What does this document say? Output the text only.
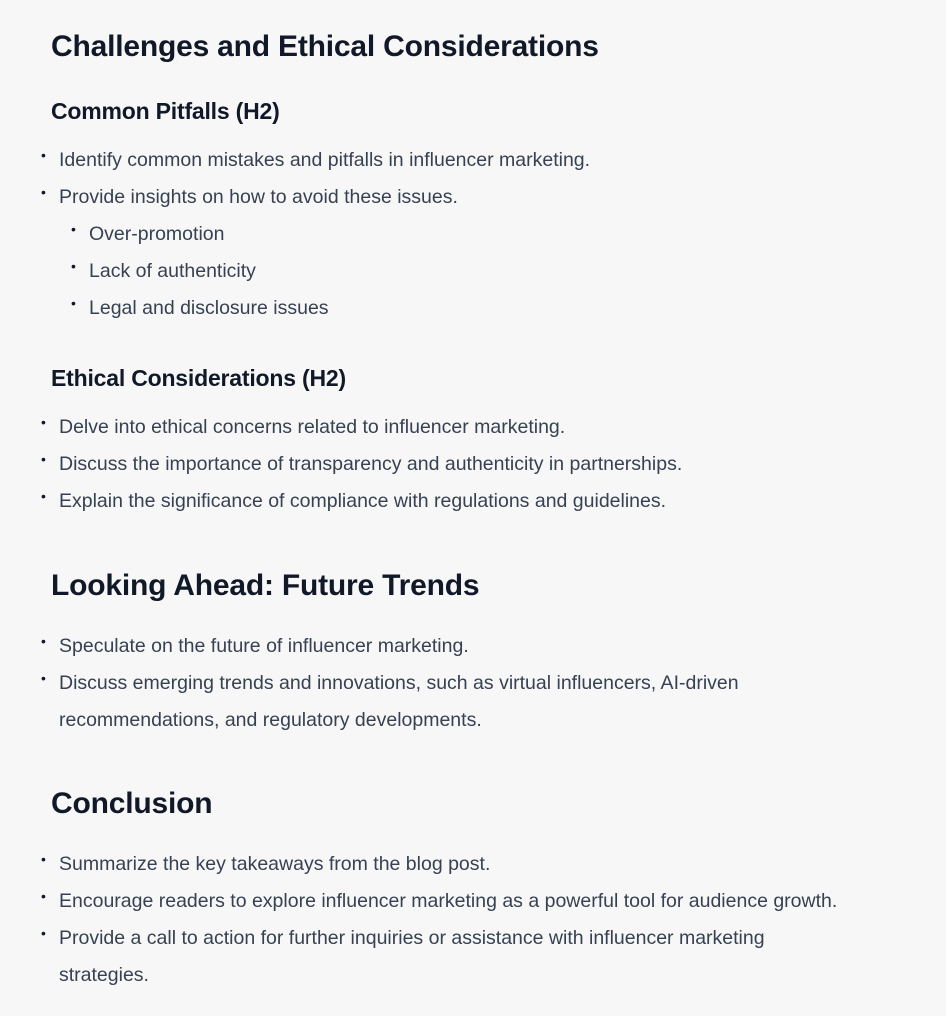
Challenges and Ethical Considerations
Common Pitfalls (H2)
• Identify common mistakes and pitfalls in influencer marketing.
• Provide insights on how to avoid these issues.
• Over-promotion
• Lack of authenticity
• Legal and disclosure issues
Ethical Considerations (H2)
• Delve into ethical concerns related to influencer marketing.
• Discuss the importance of transparency and authenticity in partnerships.
• Explain the significance of compliance with regulations and guidelines.
Looking Ahead: Future Trends
• Speculate on the future of influencer marketing.
• Discuss emerging trends and innovations, such as virtual influencers, AI-driven
recommendations, and regulatory developments.
Conclusion
• Summarize the key takeaways from the blog post.
• Encourage readers to explore influencer marketing as a powerful tool for audience growth.
• Provide a call to action for further inquiries or assistance with influencer marketing
strategies.
